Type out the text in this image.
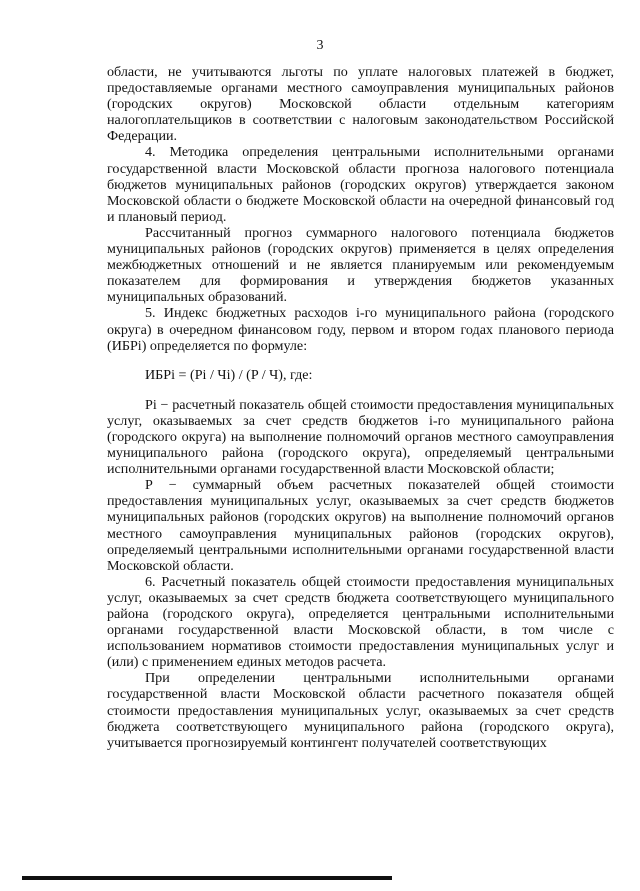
3

области, не учитываются льготы по уплате налоговых платежей в бюджет, предоставляемые органами местного самоуправления муниципальных районов (городских округов) Московской области отдельным категориям налогоплательщиков в соответствии с налоговым законодательством Российской Федерации.

4. Методика определения центральными исполнительными органами государственной власти Московской области прогноза налогового потенциала бюджетов муниципальных районов (городских округов) утверждается законом Московской области о бюджете Московской области на очередной финансовый год и плановый период.

Рассчитанный прогноз суммарного налогового потенциала бюджетов муниципальных районов (городских округов) применяется в целях определения межбюджетных отношений и не является планируемым или рекомендуемым показателем для формирования и утверждения бюджетов указанных муниципальных образований.

5. Индекс бюджетных расходов i-го муниципального района (городского округа) в очередном финансовом году, первом и втором годах планового периода (ИБРi) определяется по формуле:

ИБРi = (Pi / Чi) / (P / Ч), где:

Pi − расчетный показатель общей стоимости предоставления муниципальных услуг, оказываемых за счет средств бюджетов i-го муниципального района (городского округа) на выполнение полномочий органов местного самоуправления муниципального района (городского округа), определяемый центральными исполнительными органами государственной власти Московской области;

Р − суммарный объем расчетных показателей общей стоимости предоставления муниципальных услуг, оказываемых за счет средств бюджетов муниципальных районов (городских округов) на выполнение полномочий органов местного самоуправления муниципальных районов (городских округов), определяемый центральными исполнительными органами государственной власти Московской области.

6. Расчетный показатель общей стоимости предоставления муниципальных услуг, оказываемых за счет средств бюджета соответствующего муниципального района (городского округа), определяется центральными исполнительными органами государственной власти Московской области, в том числе с использованием нормативов стоимости предоставления муниципальных услуг и (или) с применением единых методов расчета.

При определении центральными исполнительными органами государственной власти Московской области расчетного показателя общей стоимости предоставления муниципальных услуг, оказываемых за счет средств бюджета соответствующего муниципального района (городского округа), учитывается прогнозируемый контингент получателей соответствующих
